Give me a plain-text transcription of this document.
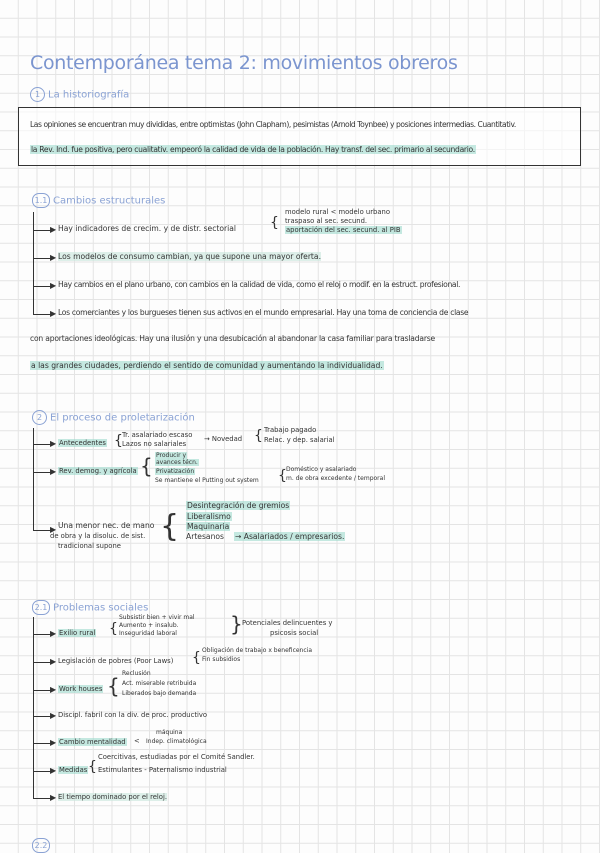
Contemporánea tema 2: movimientos obreros
1 La historiografía
Las opiniones se encuentran muy divididas, entre optimistas (John Clapham), pesimistas (Arnold Toynbee) y posiciones intermedias. Cuantitativ.
la Rev. Ind. fue positiva, pero cualitativ. empeoró la calidad de vida de la población. Hay transf. del sec. primario al secundario.
1.1 Cambios estructurales
▶ Hay indicadores de crecim. y de distr. sectorial {
modelo rural < modelo urbano
traspaso al sec. secund.
aportación del sec. secund. al PIB
▶ Los modelos de consumo cambian, ya que supone una mayor oferta.
▶ Hay cambios en el plano urbano, con cambios en la calidad de vida, como el reloj o modif. en la estruct. profesional.
▶ Los comerciantes y los burgueses tienen sus activos en el mundo empresarial. Hay una toma de conciencia de clase
con aportaciones ideológicas. Hay una ilusión y una desubicación al abandonar la casa familiar para trasladarse
a las grandes ciudades, perdiendo el sentido de comunidad y aumentando la individualidad.
2 El proceso de proletarización
▶ Antecedentes { Tr. asalariado escaso
Lazos no salariales
→ Novedad { Trabajo pagado
Relac. y dep. salarial
▶ Rev. demog. y agrícola { Producir y
avances técn.
Privatización
Se mantiene el Putting out system { Doméstico y asalariado
m. de obra excedente / temporal
▶ Una menor nec. de mano
de obra y la disoluc. de sist.
tradicional supone
{
Desintegración de gremios
Liberalismo
Maquinaria
Artesanos → Asalariados / empresarios.
2.1 Problemas sociales
▶ Exilio rural {
Subsistir bien + vivir mal
Aumento + insalub.
Inseguridad laboral	} Potenciales delincuentes y
psicosis social
▶ Legislación de pobres (Poor Laws) { Obligación de trabajo x beneficencia
Fin subsidios
▶ Work houses {
Reclusión
Act. miserable retribuida
Liberados bajo demanda
▶ Discipl. fabril con la div. de proc. productivo
▶ Cambio mentalidad <
máquina
Indep. climatológica
▶ Medidas {
Coercitivas, estudiadas por el Comité Sandler.
Estimulantes - Paternalismo industrial
▶ El tiempo dominado por el reloj.
2.2
